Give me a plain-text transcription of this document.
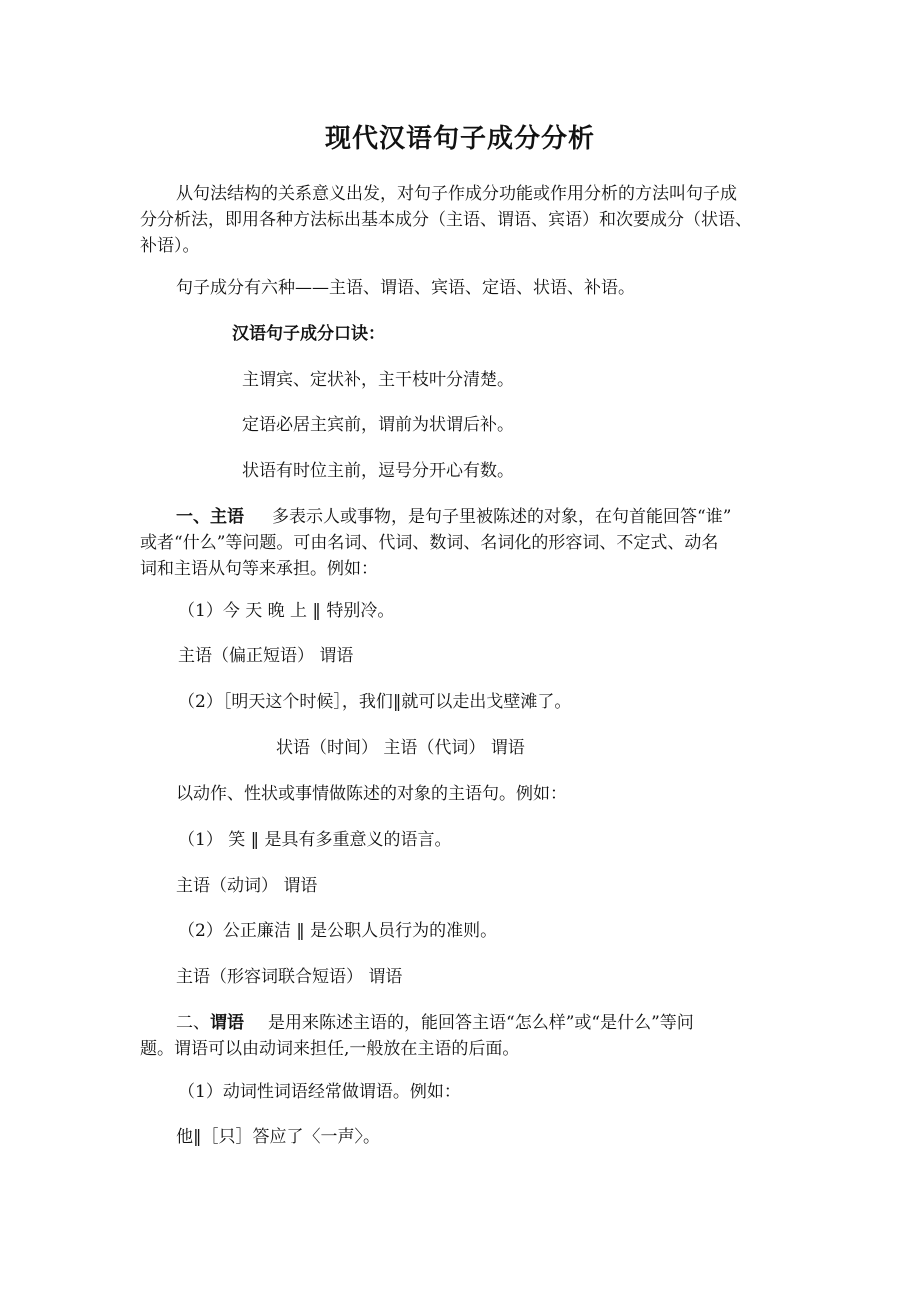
现代汉语句子成分分析
从句法结构的关系意义出发，对句子作成分功能或作用分析的方法叫句子成
分分析法，即用各种方法标出基本成分（主语、谓语、宾语）和次要成分（状语、
补语）。
句子成分有六种——主语、谓语、宾语、定语、状语、补语。
汉语句子成分口诀：
主谓宾、定状补，主干枝叶分清楚。
定语必居主宾前，谓前为状谓后补。
状语有时位主前，逗号分开心有数。
一、主语 多表示人或事物，是句子里被陈述的对象，在句首能回答“谁”
或者“什么”等问题。可由名词、代词、数词、名词化的形容词、不定式、动名
词和主语从句等来承担。例如：
（1）今 天 晚 上 ‖ 特别冷。
主语（偏正短语） 谓语
（2）［明天这个时候］，我们‖就可以走出戈壁滩了。
状语（时间） 主语（代词） 谓语
以动作、性状或事情做陈述的对象的主语句。例如：
（1） 笑 ‖ 是具有多重意义的语言。
主语（动词） 谓语
（2）公正廉洁 ‖ 是公职人员行为的准则。
主语（形容词联合短语） 谓语
二、谓语 是用来陈述主语的，能回答主语“怎么样”或“是什么”等问
题。谓语可以由动词来担任,一般放在主语的后面。
（1）动词性词语经常做谓语。例如：
他‖［只］答应了〈一声〉。
